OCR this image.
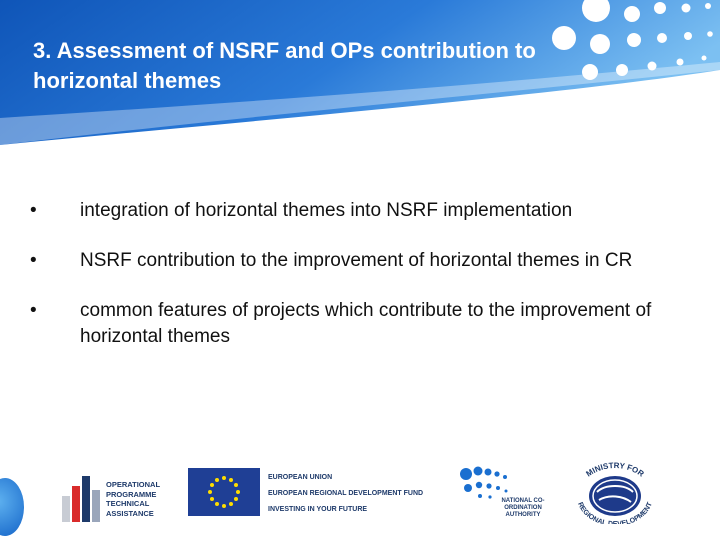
3. Assessment of NSRF and OPs contribution to horizontal themes
• integration of horizontal themes into NSRF implementation
• NSRF contribution to the improvement of horizontal themes in CR
• common features of projects which contribute to the improvement of horizontal themes

OPERATIONAL
PROGRAMME
TECHNICAL
ASSISTANCE

EUROPEAN UNION

EUROPEAN REGIONAL DEVELOPMENT FUND

INVESTING IN YOUR FUTURE

NATIONAL CO-ORDINATION AUTHORITY

MINISTRY FOR
REGIONAL ELOPMENT
